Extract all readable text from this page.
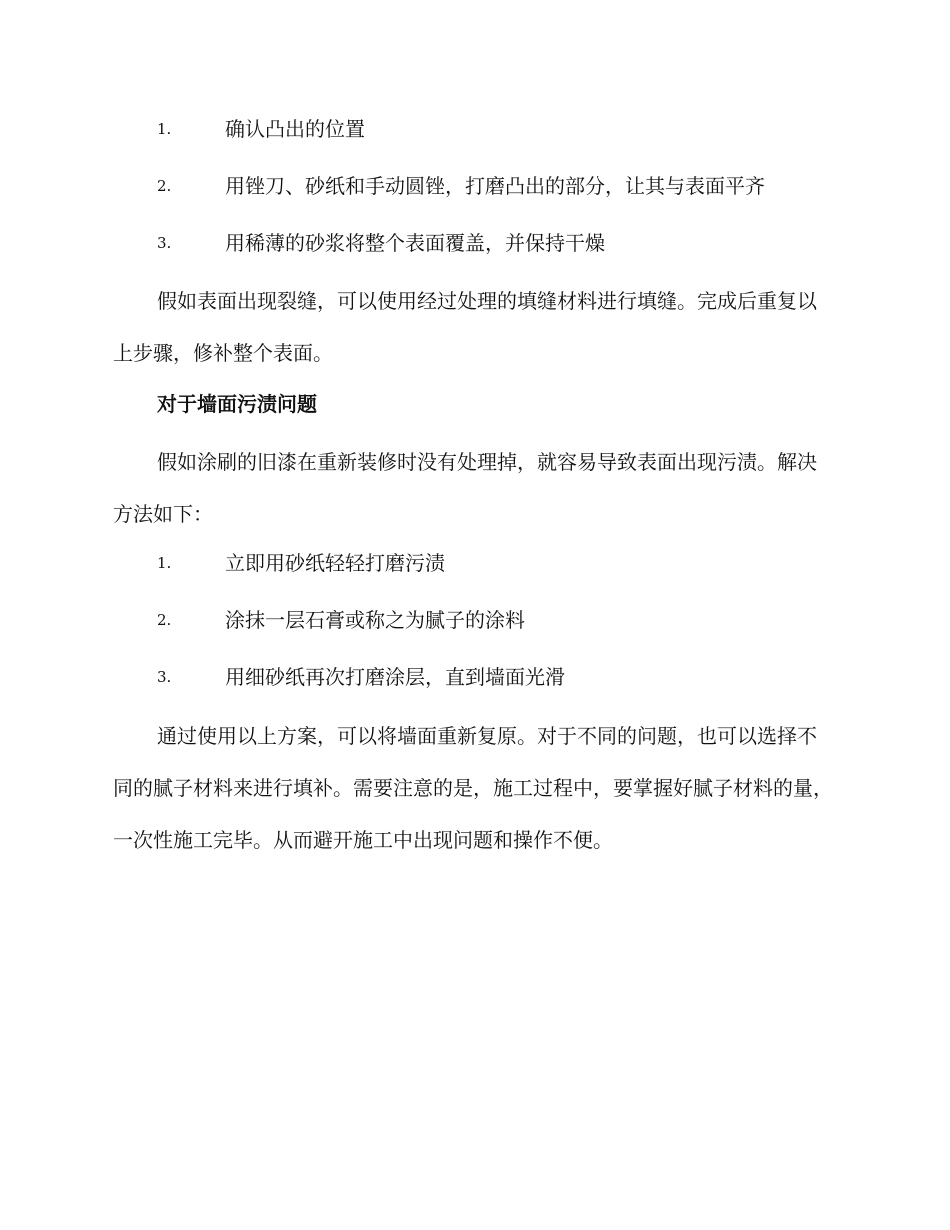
1.	确认凸出的位置
2.	用锉刀、砂纸和手动圆锉，打磨凸出的部分，让其与表面平齐
3.	用稀薄的砂浆将整个表面覆盖，并保持干燥

假如表面出现裂缝，可以使用经过处理的填缝材料进行填缝。完成后重复以上步骤，修补整个表面。

对于墙面污渍问题

假如涂刷的旧漆在重新装修时没有处理掉，就容易导致表面出现污渍。解决方法如下：

1.	立即用砂纸轻轻打磨污渍
2.	涂抹一层石膏或称之为腻子的涂料
3.	用细砂纸再次打磨涂层，直到墙面光滑

通过使用以上方案，可以将墙面重新复原。对于不同的问题，也可以选择不同的腻子材料来进行填补。需要注意的是，施工过程中，要掌握好腻子材料的量，一次性施工完毕。从而避开施工中出现问题和操作不便。
